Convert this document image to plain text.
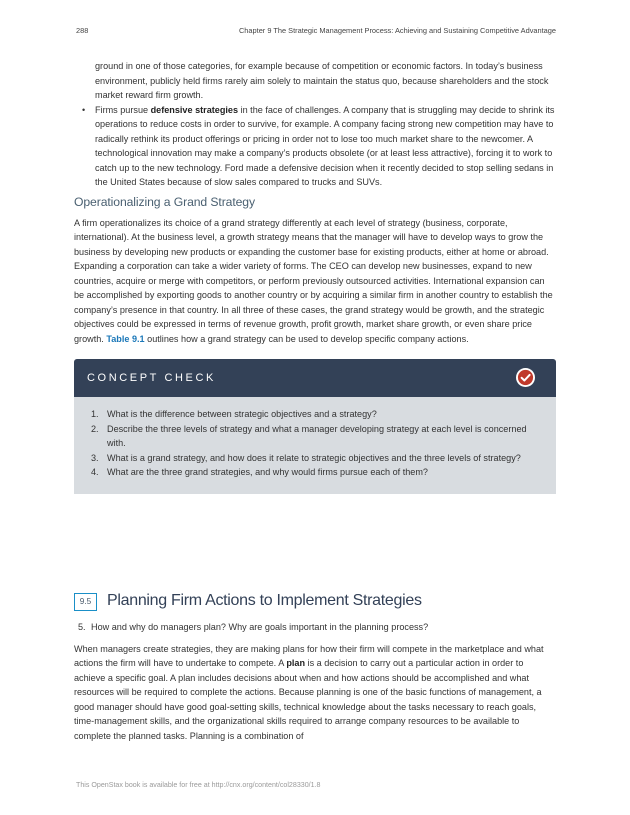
288	Chapter 9 The Strategic Management Process: Achieving and Sustaining Competitive Advantage

ground in one of those categories, for example because of competition or economic factors. In today’s business environment, publicly held firms rarely aim solely to maintain the status quo, because shareholders and the stock market reward firm growth.

• Firms pursue defensive strategies in the face of challenges. A company that is struggling may decide to shrink its operations to reduce costs in order to survive, for example. A company facing strong new competition may have to radically rethink its product offerings or pricing in order not to lose too much market share to the newcomer. A technological innovation may make a company’s products obsolete (or at least less attractive), forcing it to work to catch up to the new technology. Ford made a defensive decision when it recently decided to stop selling sedans in the United States because of slow sales compared to trucks and SUVs.

Operationalizing a Grand Strategy

A firm operationalizes its choice of a grand strategy differently at each level of strategy (business, corporate, international). At the business level, a growth strategy means that the manager will have to develop ways to grow the business by developing new products or expanding the customer base for existing products, either at home or abroad. Expanding a corporation can take a wider variety of forms. The CEO can develop new businesses, expand to new countries, acquire or merge with competitors, or perform previously outsourced activities. International expansion can be accomplished by exporting goods to another country or by acquiring a similar firm in another country to establish the company’s presence in that country. In all three of these cases, the grand strategy would be growth, and the strategic objectives could be expressed in terms of revenue growth, profit growth, market share growth, or even share price growth. Table 9.1 outlines how a grand strategy can be used to develop specific company actions.

CONCEPT CHECK
1. What is the difference between strategic objectives and a strategy?
2. Describe the three levels of strategy and what a manager developing strategy at each level is concerned with.
3. What is a grand strategy, and how does it relate to strategic objectives and the three levels of strategy?
4. What are the three grand strategies, and why would firms pursue each of them?
9.5 Planning Firm Actions to Implement Strategies

5. How and why do managers plan? Why are goals important in the planning process?

When managers create strategies, they are making plans for how their firm will compete in the marketplace and what actions the firm will have to undertake to compete. A plan is a decision to carry out a particular action in order to achieve a specific goal. A plan includes decisions about when and how actions should be accomplished and what resources will be required to complete the actions. Because planning is one of the basic functions of management, a good manager should have good goal-setting skills, technical knowledge about the tasks necessary to reach goals, time-management skills, and the organizational skills required to arrange company resources to be available to complete the planned tasks. Planning is a combination of

This OpenStax book is available for free at http://cnx.org/content/col28330/1.8
